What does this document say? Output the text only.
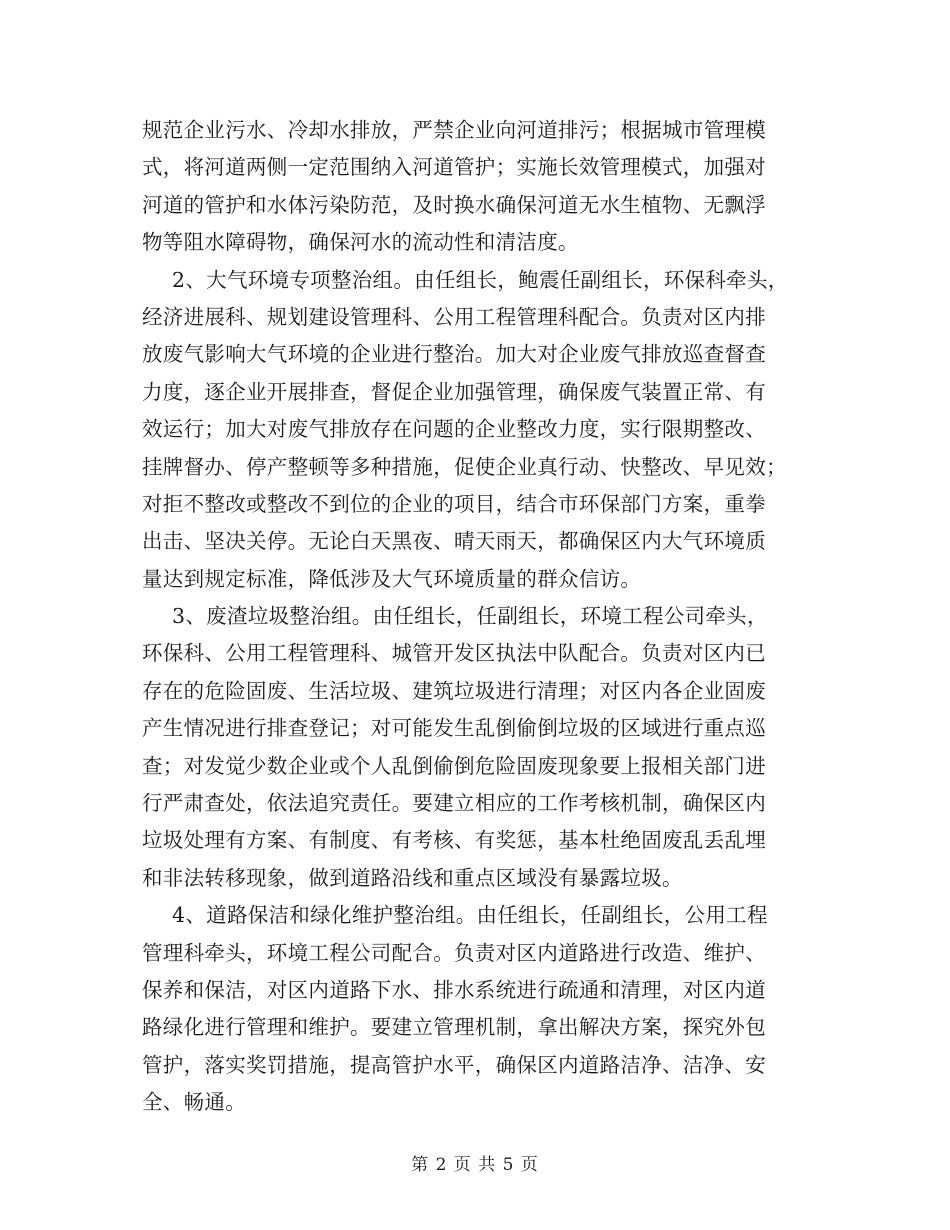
规范企业污水、冷却水排放，严禁企业向河道排污；根据城市管理模
式，将河道两侧一定范围纳入河道管护；实施长效管理模式，加强对
河道的管护和水体污染防范，及时换水确保河道无水生植物、无飘浮
物等阻水障碍物，确保河水的流动性和清洁度。
2、大气环境专项整治组。由任组长，鲍震任副组长，环保科牵头，
经济进展科、规划建设管理科、公用工程管理科配合。负责对区内排
放废气影响大气环境的企业进行整治。加大对企业废气排放巡查督查
力度，逐企业开展排查，督促企业加强管理，确保废气装置正常、有
效运行；加大对废气排放存在问题的企业整改力度，实行限期整改、
挂牌督办、停产整顿等多种措施，促使企业真行动、快整改、早见效；
对拒不整改或整改不到位的企业的项目，结合市环保部门方案，重拳
出击、坚决关停。无论白天黑夜、晴天雨天，都确保区内大气环境质
量达到规定标准，降低涉及大气环境质量的群众信访。
3、废渣垃圾整治组。由任组长，任副组长，环境工程公司牵头，
环保科、公用工程管理科、城管开发区执法中队配合。负责对区内已
存在的危险固废、生活垃圾、建筑垃圾进行清理；对区内各企业固废
产生情况进行排查登记；对可能发生乱倒偷倒垃圾的区域进行重点巡
查；对发觉少数企业或个人乱倒偷倒危险固废现象要上报相关部门进
行严肃查处，依法追究责任。要建立相应的工作考核机制，确保区内
垃圾处理有方案、有制度、有考核、有奖惩，基本杜绝固废乱丢乱埋
和非法转移现象，做到道路沿线和重点区域没有暴露垃圾。
4、道路保洁和绿化维护整治组。由任组长，任副组长，公用工程
管理科牵头，环境工程公司配合。负责对区内道路进行改造、维护、
保养和保洁，对区内道路下水、排水系统进行疏通和清理，对区内道
路绿化进行管理和维护。要建立管理机制，拿出解决方案，探究外包
管护，落实奖罚措施，提高管护水平，确保区内道路洁净、洁净、安
全、畅通。
第 2 页 共 5 页
